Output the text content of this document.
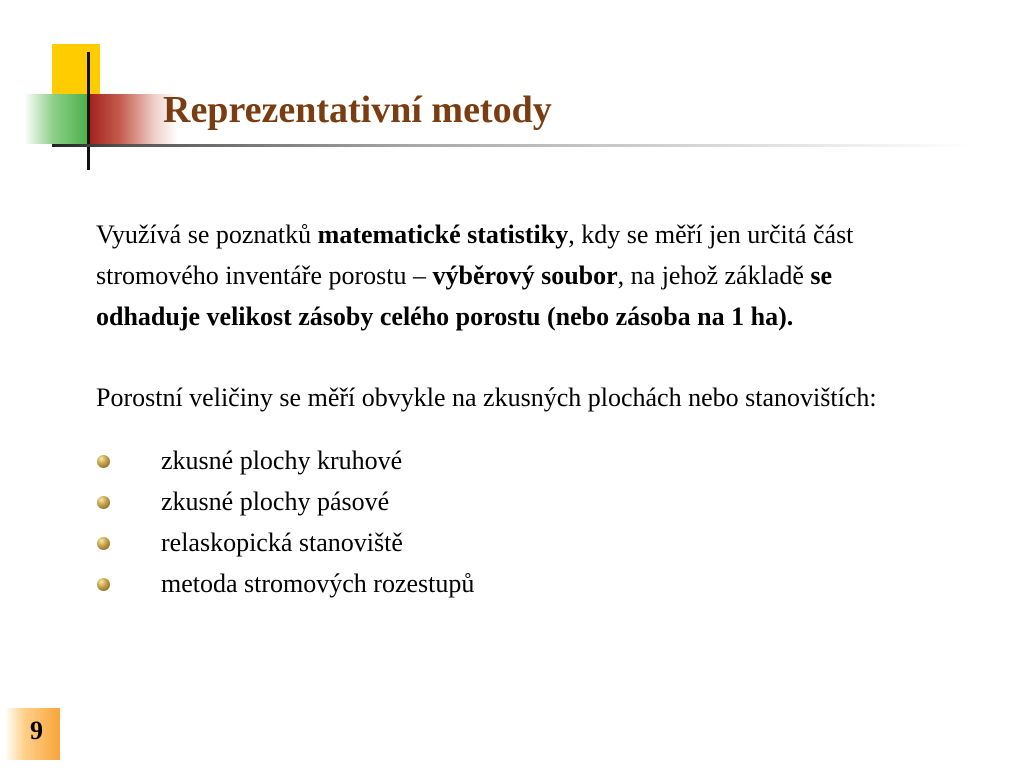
Reprezentativní metody
Využívá se poznatků matematické statistiky, kdy se měří jen určitá část stromového inventáře porostu – výběrový soubor, na jehož základě se odhaduje velikost zásoby celého porostu (nebo zásoba na 1 ha).
Porostní veličiny se měří obvykle na zkusných plochách nebo stanovištích:
zkusné plochy kruhové
zkusné plochy pásové
relaskopická stanoviště
metoda stromových rozestupů
9
